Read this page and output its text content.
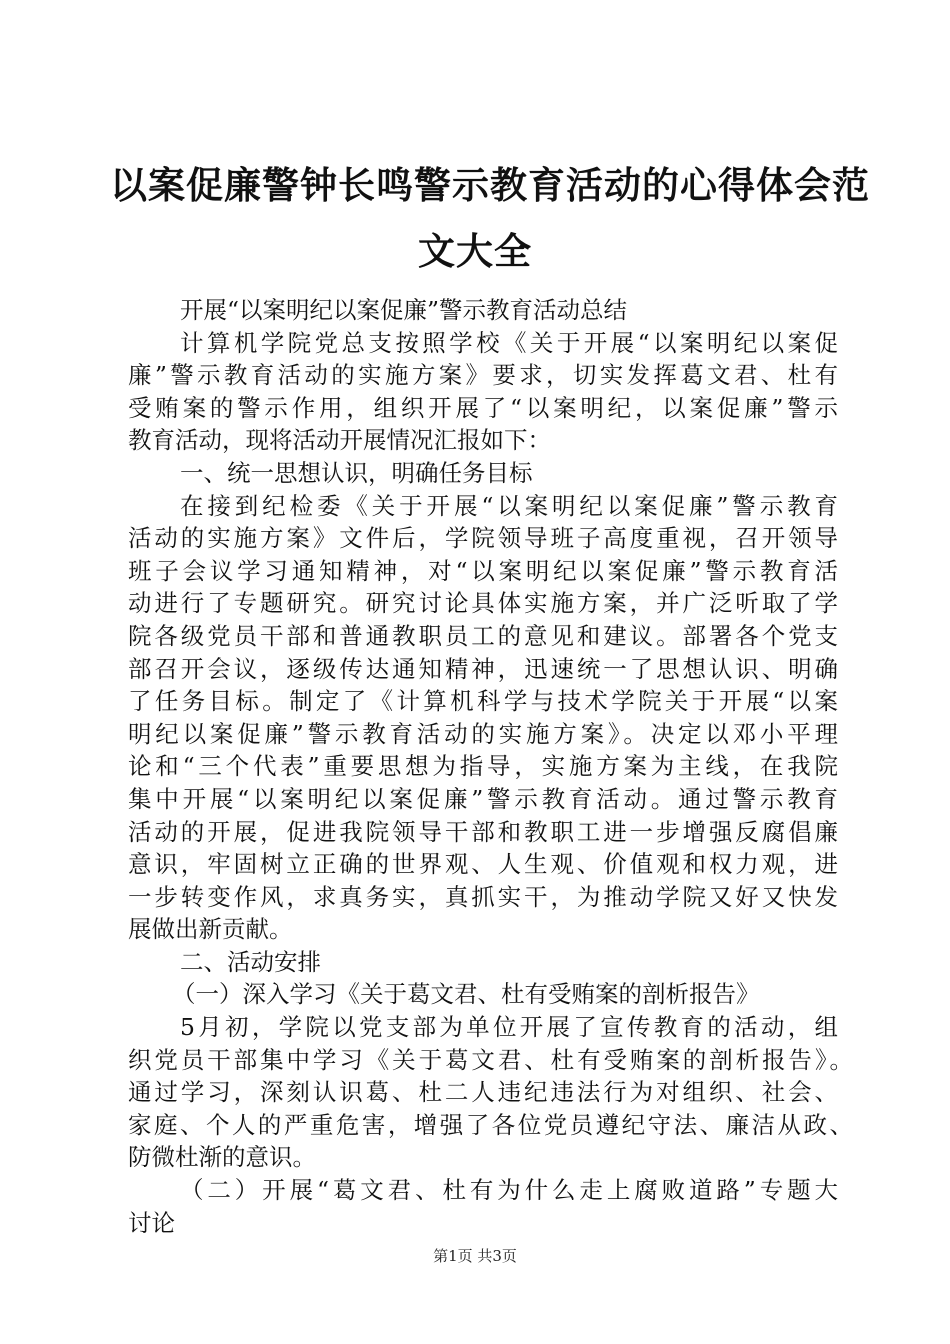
以案促廉警钟长鸣警示教育活动的心得体会范
文大全
开展“以案明纪以案促廉”警示教育活动总结
计算机学院党总支按照学校《关于开展“以案明纪以案促
廉”警示教育活动的实施方案》要求，切实发挥葛文君、杜有
受贿案的警示作用，组织开展了“以案明纪，以案促廉”警示
教育活动，现将活动开展情况汇报如下：
一、统一思想认识，明确任务目标
在接到纪检委《关于开展“以案明纪以案促廉”警示教育
活动的实施方案》文件后，学院领导班子高度重视，召开领导
班子会议学习通知精神，对“以案明纪以案促廉”警示教育活
动进行了专题研究。研究讨论具体实施方案，并广泛听取了学
院各级党员干部和普通教职员工的意见和建议。部署各个党支
部召开会议，逐级传达通知精神，迅速统一了思想认识、明确
了任务目标。制定了《计算机科学与技术学院关于开展“以案
明纪以案促廉”警示教育活动的实施方案》。决定以邓小平理
论和“三个代表”重要思想为指导，实施方案为主线，在我院
集中开展“以案明纪以案促廉”警示教育活动。通过警示教育
活动的开展，促进我院领导干部和教职工进一步增强反腐倡廉
意识，牢固树立正确的世界观、人生观、价值观和权力观，进
一步转变作风，求真务实，真抓实干，为推动学院又好又快发
展做出新贡献。
二、活动安排
（一）深入学习《关于葛文君、杜有受贿案的剖析报告》
5月初，学院以党支部为单位开展了宣传教育的活动，组
织党员干部集中学习《关于葛文君、杜有受贿案的剖析报告》。
通过学习，深刻认识葛、杜二人违纪违法行为对组织、社会、
家庭、个人的严重危害，增强了各位党员遵纪守法、廉洁从政、
防微杜渐的意识。
（二）开展“葛文君、杜有为什么走上腐败道路”专题大
讨论
第1页 共3页
